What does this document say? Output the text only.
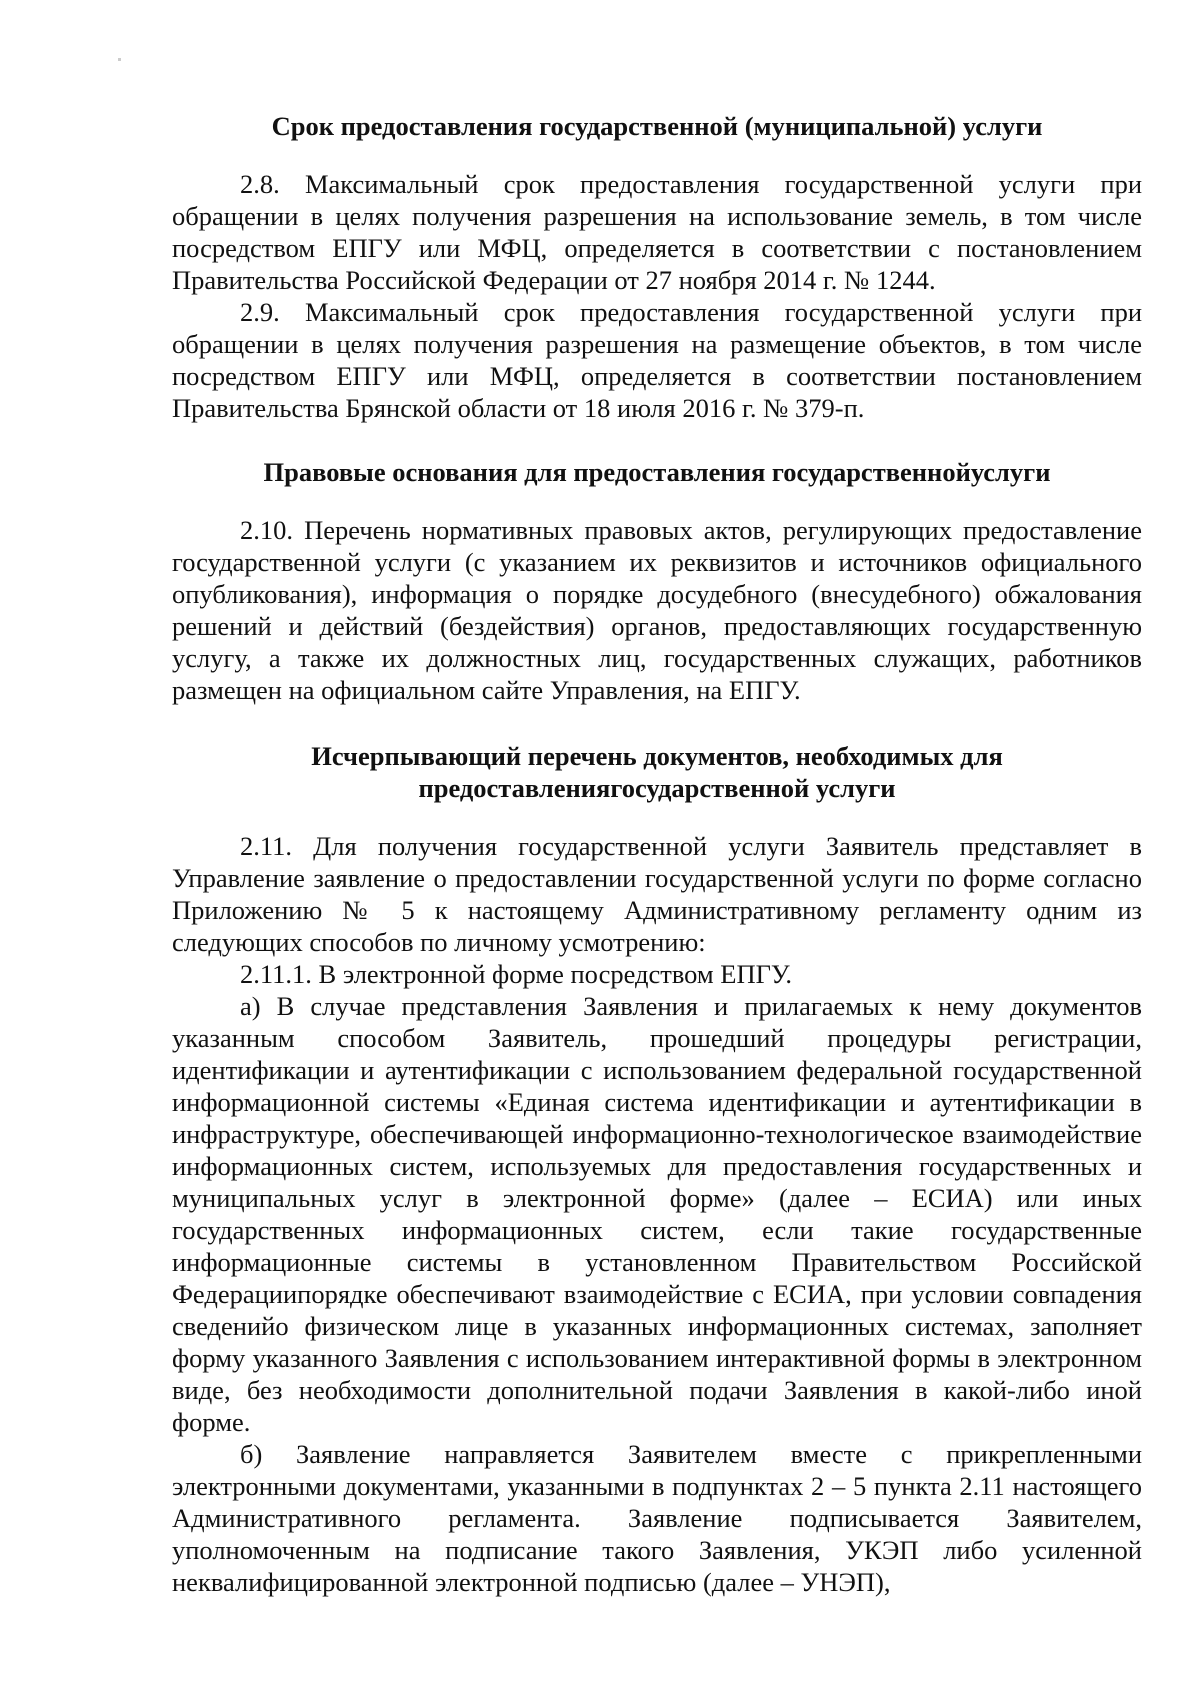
Срок предоставления государственной (муниципальной) услуги

2.8. Максимальный срок предоставления государственной услуги при обращении в целях получения разрешения на использование земель, в том числе посредством ЕПГУ или МФЦ, определяется в соответствии с постановлением Правительства Российской Федерации от 27 ноября 2014 г. № 1244.

2.9. Максимальный срок предоставления государственной услуги при обращении в целях получения разрешения на размещение объектов, в том числе посредством ЕПГУ или МФЦ, определяется в соответствии постановлением Правительства Брянской области от 18 июля 2016 г. № 379-п.

Правовые основания для предоставления государственнойуслуги

2.10. Перечень нормативных правовых актов, регулирующих предоставление государственной услуги (с указанием их реквизитов и источников официального опубликования), информация о порядке досудебного (внесудебного) обжалования решений и действий (бездействия) органов, предоставляющих государственную услугу, а также их должностных лиц, государственных служащих, работников размещен на официальном сайте Управления, на ЕПГУ.

Исчерпывающий перечень документов, необходимых для
предоставлениягосударственной услуги

2.11. Для получения государственной услуги Заявитель представляет в Управление заявление о предоставлении государственной услуги по форме согласно Приложению № 5 к настоящему Административному регламенту одним из следующих способов по личному усмотрению:

2.11.1. В электронной форме посредством ЕПГУ.

а) В случае представления Заявления и прилагаемых к нему документов указанным способом Заявитель, прошедший процедуры регистрации, идентификации и аутентификации с использованием федеральной государственной информационной системы «Единая система идентификации и аутентификации в инфраструктуре, обеспечивающей информационно-технологическое взаимодействие информационных систем, используемых для предоставления государственных и муниципальных услуг в электронной форме» (далее – ЕСИА) или иных государственных информационных систем, если такие государственные информационные системы в установленном Правительством Российской Федерациипорядке обеспечивают взаимодействие с ЕСИА, при условии совпадения сведенийо физическом лице в указанных информационных системах, заполняет форму указанного Заявления с использованием интерактивной формы в электронном виде, без необходимости дополнительной подачи Заявления в какой-либо иной форме.

б) Заявление направляется Заявителем вместе с прикрепленными электронными документами, указанными в подпунктах 2 – 5 пункта 2.11 настоящего Административного регламента. Заявление подписывается Заявителем, уполномоченным на подписание такого Заявления, УКЭП либо усиленной неквалифицированной электронной подписью (далее – УНЭП),
